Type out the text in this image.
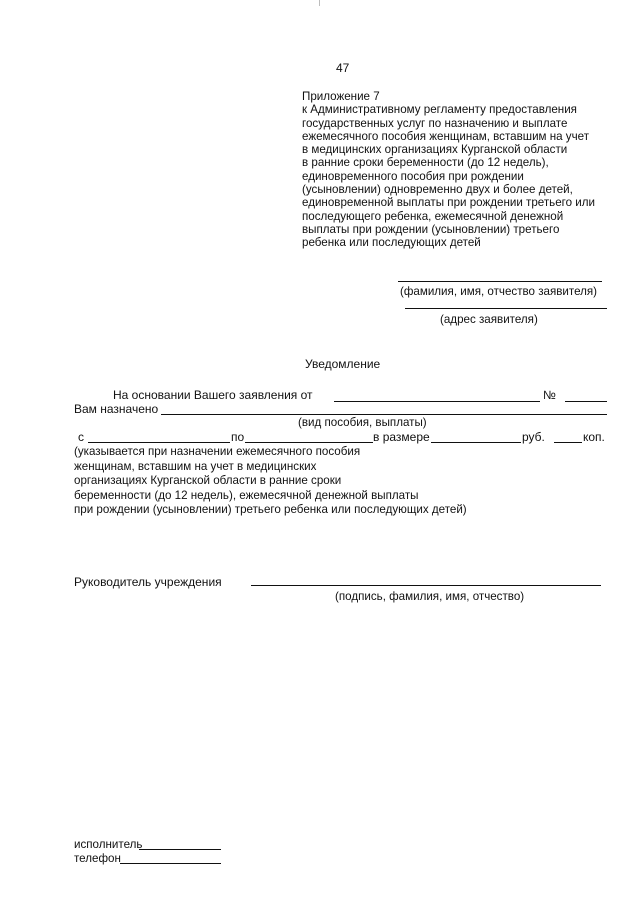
47
Приложение 7
к Административному регламенту предоставления
государственных услуг по назначению и выплате
ежемесячного пособия женщинам, вставшим на учет
в медицинских организациях Курганской области
в ранние сроки беременности (до 12 недель),
единовременного пособия при рождении
(усыновлении) одновременно двух и более детей,
единовременной выплаты при рождении третьего или
последующего ребенка, ежемесячной денежной
выплаты при рождении (усыновлении) третьего
ребенка или последующих детей
(фамилия, имя, отчество заявителя)
(адрес заявителя)
Уведомление
На основании Вашего заявления от	№
Вам назначено
(вид пособия, выплаты)
с	по	в размере	руб.	коп.
(указывается при назначении ежемесячного пособия
женщинам, вставшим на учет в медицинских
организациях Курганской области в ранние сроки
беременности (до 12 недель), ежемесячной денежной выплаты
при рождении (усыновлении) третьего ребенка или последующих детей)
Руководитель учреждения
(подпись, фамилия, имя, отчество)
исполнитель
телефон
